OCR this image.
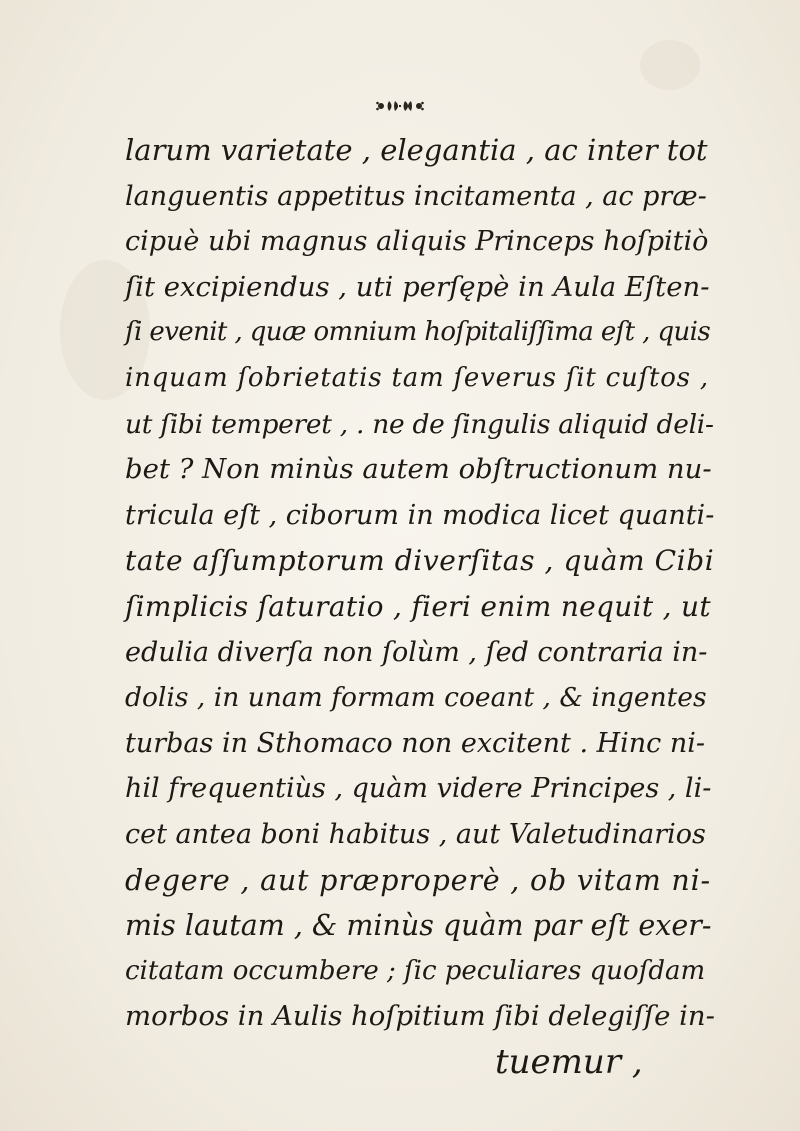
larum varietate , elegantia , ac inter tot
languentis appetitus incitamenta , ac præ-
cipuè ubi magnus aliquis Princeps hoſpitiò
ſit excipiendus , uti perſępè in Aula Eſten-
ſi evenit , quæ omnium hoſpitaliſſima eſt , quis
inquam ſobrietatis tam ſeverus ſit cuſtos ,
ut ſibi temperet , . ne de ſingulis aliquid deli-
bet ? Non minùs autem obſtructionum nu-
tricula eſt , ciborum in modica licet quanti-
tate aſſumptorum diverſitas , quàm Cibi
ſimplicis ſaturatio , fieri enim nequit , ut
edulia diverſa non ſolùm , ſed contraria in-
dolis , in unam formam coeant , & ingentes
turbas in Sthomaco non excitent . Hinc ni-
hil frequentiùs , quàm videre Principes , li-
cet antea boni habitus , aut Valetudinarios
degere , aut præproperè , ob vitam ni-
mis lautam , & minùs quàm par eſt exer-
citatam occumbere ; ſic peculiares quoſdam
morbos in Aulis hoſpitium ſibi delegiſſe in-
tuemur ,
